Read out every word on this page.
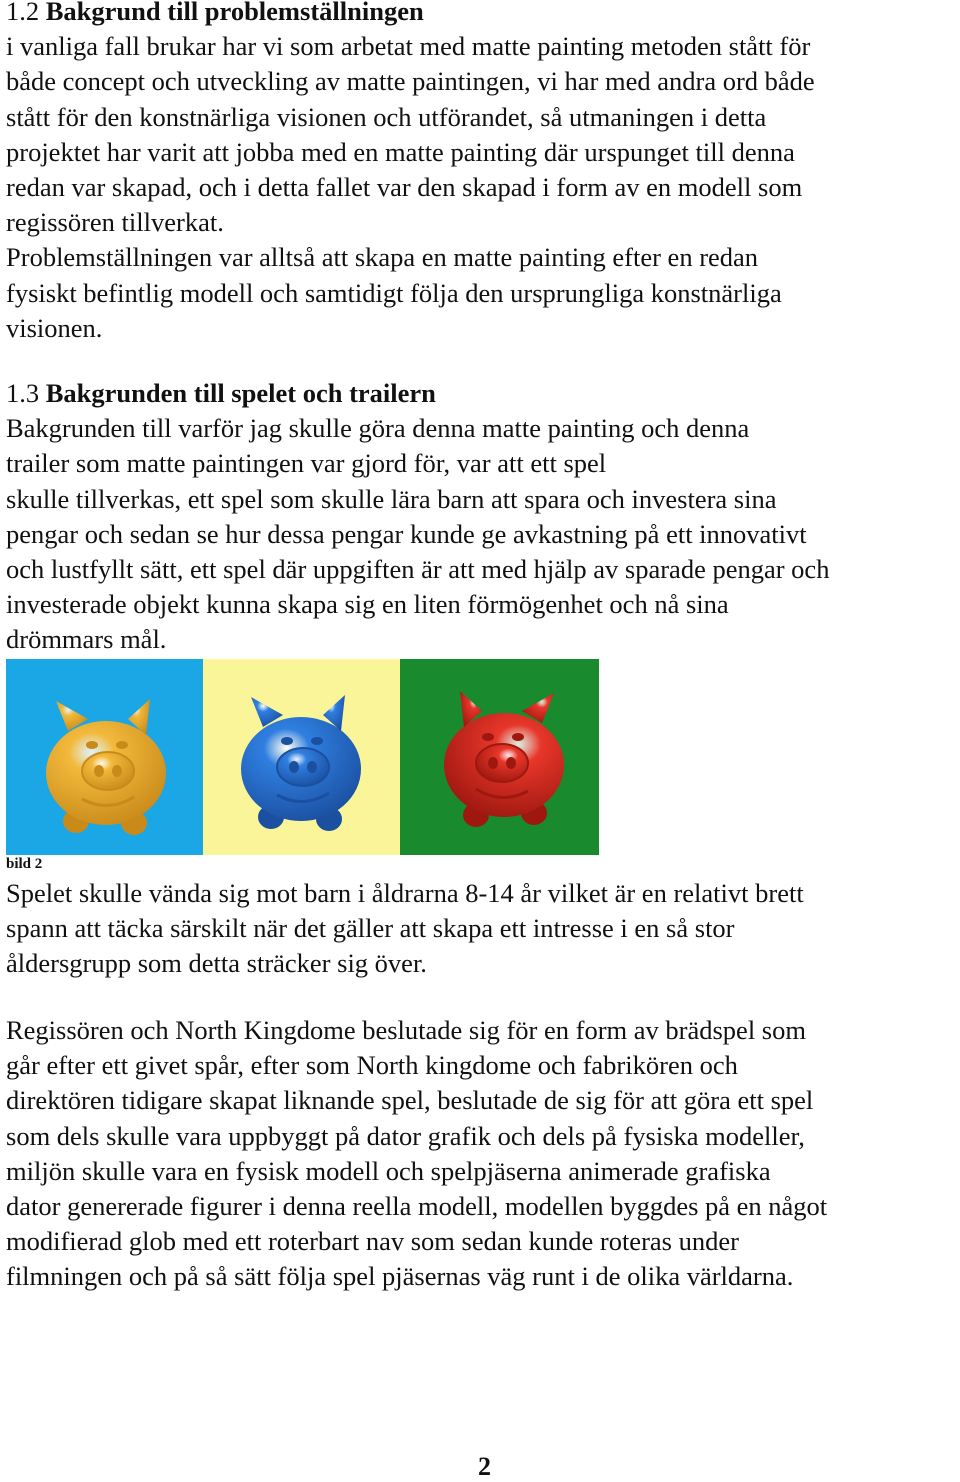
1.2 Bakgrund till problemställningen

i vanliga fall brukar har vi som arbetat med matte painting metoden stått för
både concept och utveckling av matte paintingen, vi har med andra ord både
stått för den konstnärliga visionen och utförandet, så utmaningen i detta
projektet har varit att jobba med en matte painting där urspunget till denna
redan var skapad, och i detta fallet var den skapad i form av en modell som
regissören tillverkat.

Problemställningen var alltså att skapa en matte painting efter en redan
fysiskt befintlig modell och samtidigt följa den ursprungliga konstnärliga
visionen.

1.3 Bakgrunden till spelet och trailern

Bakgrunden till varför jag skulle göra denna matte painting och denna
trailer som matte paintingen var gjord för, var att ett spel
skulle tillverkas, ett spel som skulle lära barn att spara och investera sina
pengar och sedan se hur dessa pengar kunde ge avkastning på ett innovativt
och lustfyllt sätt, ett spel där uppgiften är att med hjälp av sparade pengar och
investerade objekt kunna skapa sig en liten förmögenhet och nå sina
drömmars mål.

bild 2

Spelet skulle vända sig mot barn i åldrarna 8-14 år vilket är en relativt brett
spann att täcka särskilt när det gäller att skapa ett intresse i en så stor
åldersgrupp som detta sträcker sig över.

Regissören och North Kingdome beslutade sig för en form av brädspel som
går efter ett givet spår, efter som North kingdome och fabrikören och
direktören tidigare skapat liknande spel, beslutade de sig för att göra ett spel
som dels skulle vara uppbyggt på dator grafik och dels på fysiska modeller,
miljön skulle vara en fysisk modell och spelpjäserna animerade grafiska
dator genererade figurer i denna reella modell, modellen byggdes på en något
modifierad glob med ett roterbart nav som sedan kunde roteras under
filmningen och på så sätt följa spel pjäsernas väg runt i de olika världarna.

2
